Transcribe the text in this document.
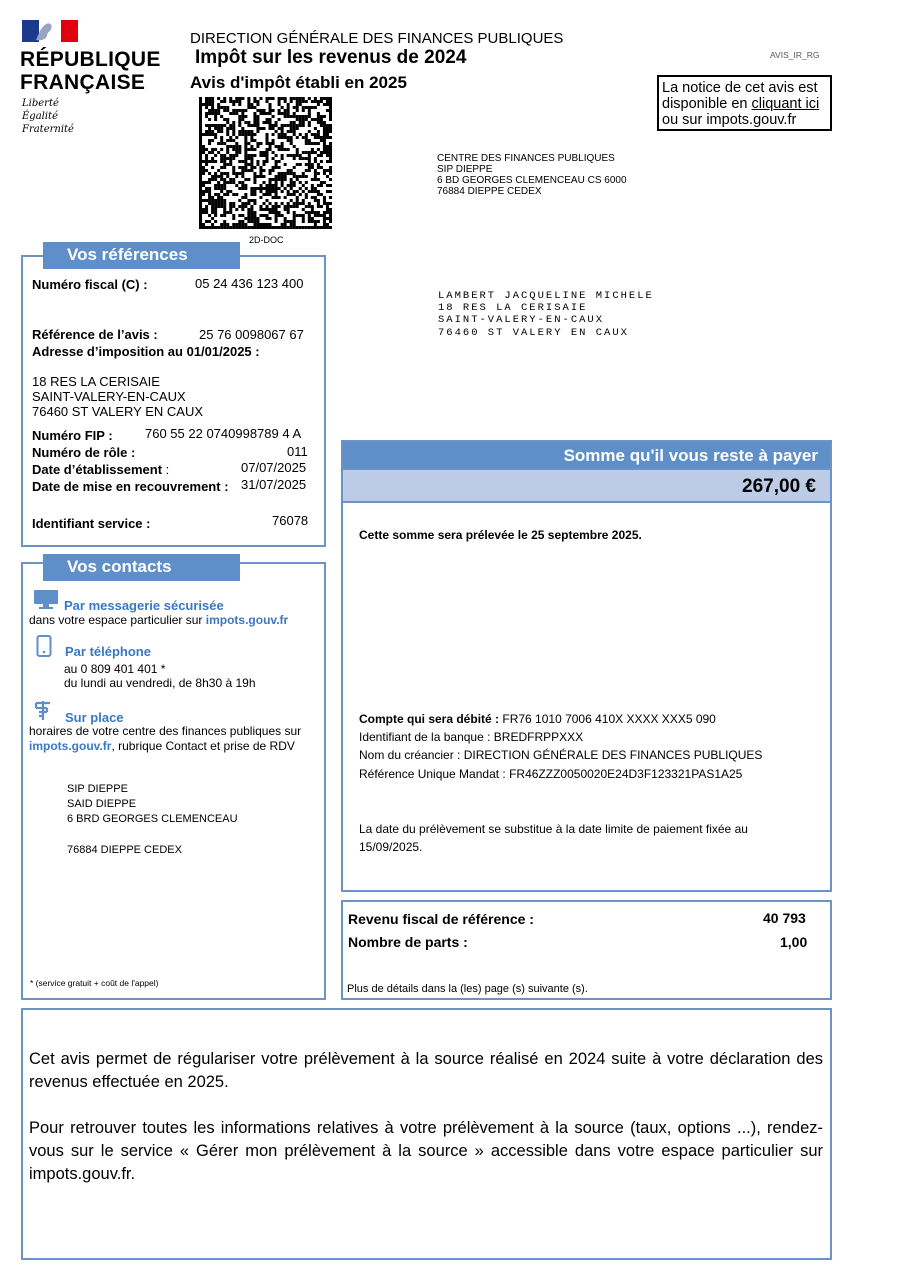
RÉPUBLIQUE
FRANÇAISE
Liberté
Égalité
Fraternité
DIRECTION GÉNÉRALE DES FINANCES PUBLIQUES
Impôt sur les revenus de 2024
Avis d'impôt établi en 2025
AVIS_IR_RG
La notice de cet avis est
disponible en cliquant ici
ou sur impots.gouv.fr
2D-DOC
CENTRE DES FINANCES PUBLIQUES
SIP DIEPPE
6 BD GEORGES CLEMENCEAU CS 6000
76884 DIEPPE CEDEX
LAMBERT JACQUELINE MICHELE
18 RES LA CERISAIE
SAINT-VALERY-EN-CAUX
76460 ST VALERY EN CAUX
Vos références
Numéro fiscal (C) :	05 24 436 123 400
Référence de l’avis :	25 76 0098067 67
Adresse d’imposition au 01/01/2025 :
18 RES LA CERISAIE
SAINT-VALERY-EN-CAUX
76460 ST VALERY EN CAUX
Numéro FIP : 760 55 22 0740998789 4 A
Numéro de rôle :	011
Date d’établissement :	07/07/2025
Date de mise en recouvrement : 31/07/2025
Identifiant service :	76078
Vos contacts
Par messagerie sécurisée
dans votre espace particulier sur impots.gouv.fr
Par téléphone
au 0 809 401 401 *
du lundi au vendredi, de 8h30 à 19h
Sur place
horaires de votre centre des finances publiques sur
impots.gouv.fr, rubrique Contact et prise de RDV
SIP DIEPPE
SAID DIEPPE
6 BRD GEORGES CLEMENCEAU
76884 DIEPPE CEDEX
* (service gratuit + coût de l'appel)
Somme qu'il vous reste à payer
267,00 €
Cette somme sera prélevée le 25 septembre 2025.
Compte qui sera débité : FR76 1010 7006 410X XXXX XXX5 090
Identifiant de la banque : BREDFRPPXXX
Nom du créancier : DIRECTION GÉNÉRALE DES FINANCES PUBLIQUES
Référence Unique Mandat : FR46ZZZ0050020E24D3F123321PAS1A25
La date du prélèvement se substitue à la date limite de paiement fixée au
15/09/2025.
Revenu fiscal de référence :	40 793
Nombre de parts :	1,00
Plus de détails dans la (les) page (s) suivante (s).
Cet avis permet de régulariser votre prélèvement à la source réalisé en 2024 suite à votre déclaration des revenus effectuée en 2025.
Pour retrouver toutes les informations relatives à votre prélèvement à la source (taux, options ...), rendez-vous sur le service « Gérer mon prélèvement à la source » accessible dans votre espace particulier sur impots.gouv.fr.
